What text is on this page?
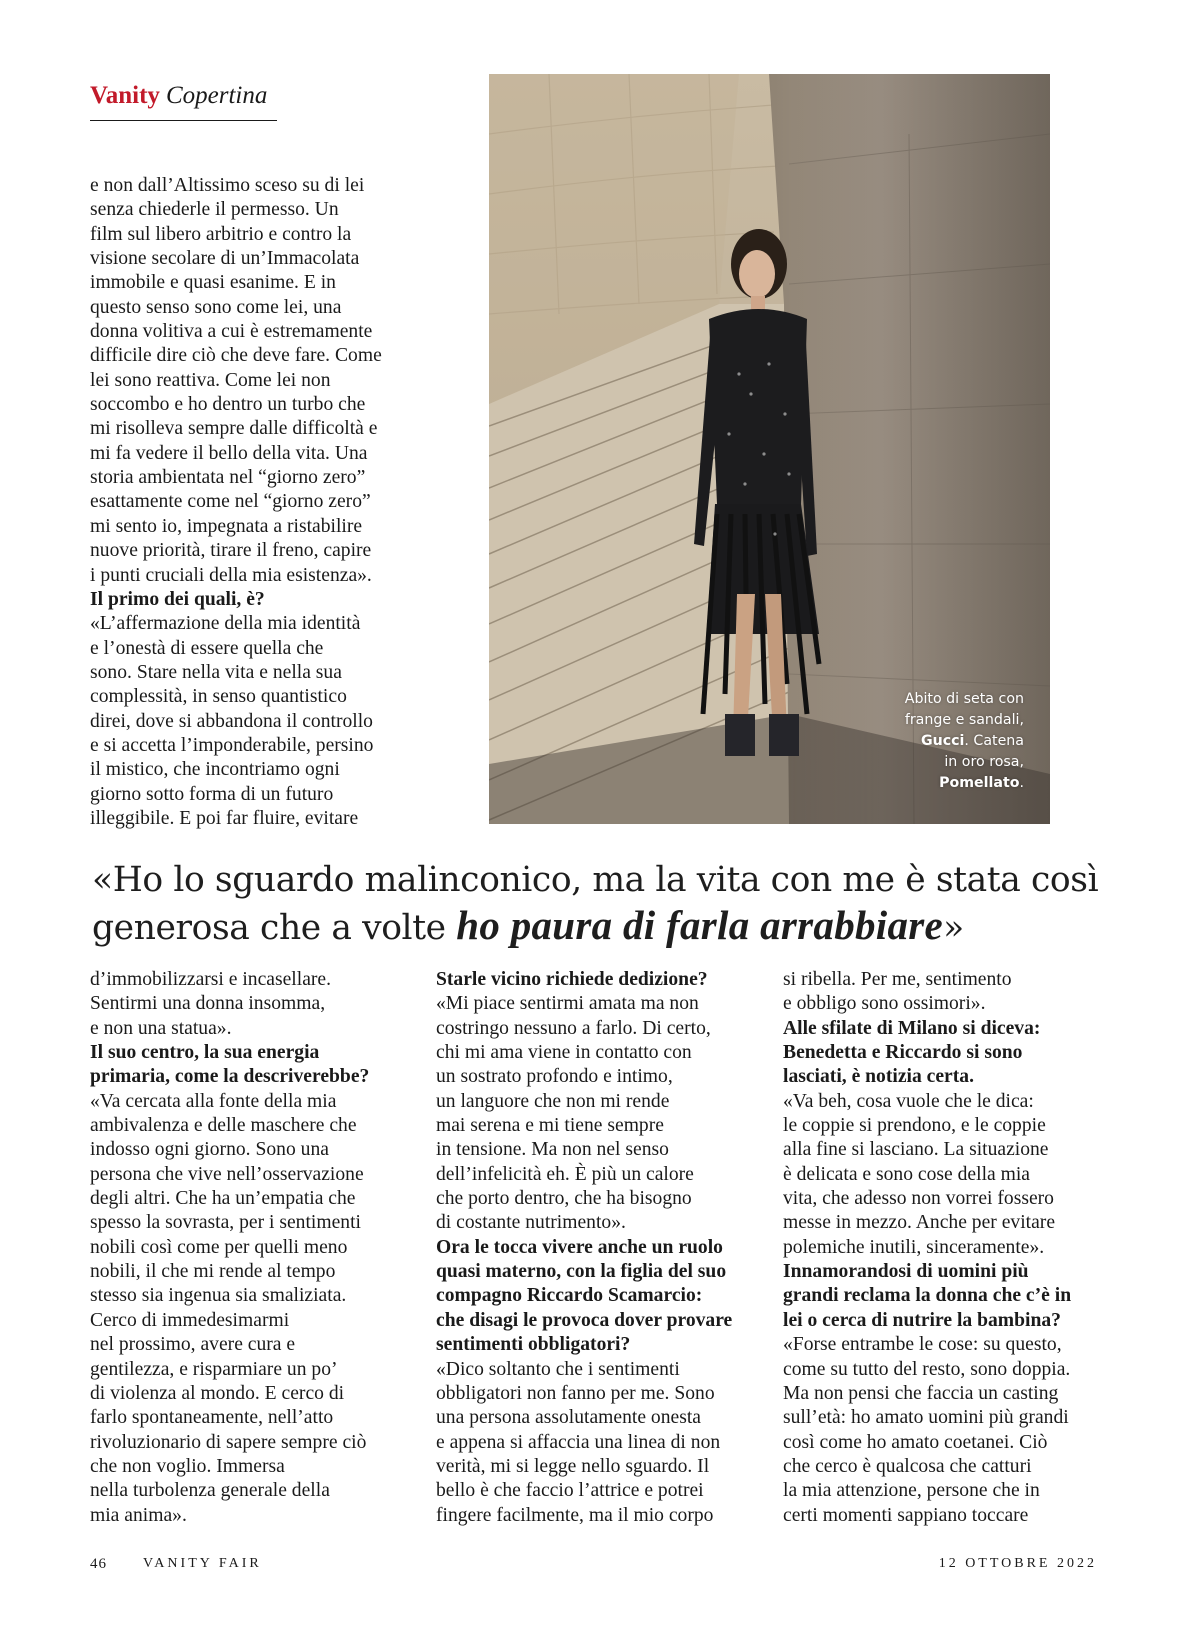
Vanity Copertina
e non dall’Altissimo sceso su di lei
senza chiederle il permesso. Un
film sul libero arbitrio e contro la
visione secolare di un’Immacolata
immobile e quasi esanime. E in
questo senso sono come lei, una
donna volitiva a cui è estremamente
difficile dire ciò che deve fare. Come
lei sono reattiva. Come lei non
soccombo e ho dentro un turbo che
mi risolleva sempre dalle difficoltà e
mi fa vedere il bello della vita. Una
storia ambientata nel “giorno zero”
esattamente come nel “giorno zero”
mi sento io, impegnata a ristabilire
nuove priorità, tirare il freno, capire
i punti cruciali della mia esistenza».
Il primo dei quali, è?
«L’affermazione della mia identità
e l’onestà di essere quella che
sono. Stare nella vita e nella sua
complessità, in senso quantistico
direi, dove si abbandona il controllo
e si accetta l’imponderabile, persino
il mistico, che incontriamo ogni
giorno sotto forma di un futuro
illeggibile. E poi far fluire, evitare
Abito di seta con
frange e sandali,
Gucci. Catena
in oro rosa,
Pomellato.
«Ho lo sguardo malinconico, ma la vita con me è stata così
generosa che a volte ho paura di farla arrabbiare»
d’immobilizzarsi e incasellare.
Sentirmi una donna insomma,
e non una statua».
Il suo centro, la sua energia
primaria, come la descriverebbe?
«Va cercata alla fonte della mia
ambivalenza e delle maschere che
indosso ogni giorno. Sono una
persona che vive nell’osservazione
degli altri. Che ha un’empatia che
spesso la sovrasta, per i sentimenti
nobili così come per quelli meno
nobili, il che mi rende al tempo
stesso sia ingenua sia smaliziata.
Cerco di immedesimarmi
nel prossimo, avere cura e
gentilezza, e risparmiare un po’
di violenza al mondo. E cerco di
farlo spontaneamente, nell’atto
rivoluzionario di sapere sempre ciò
che non voglio. Immersa
nella turbolenza generale della
mia anima».
Starle vicino richiede dedizione?
«Mi piace sentirmi amata ma non
costringo nessuno a farlo. Di certo,
chi mi ama viene in contatto con
un sostrato profondo e intimo,
un languore che non mi rende
mai serena e mi tiene sempre
in tensione. Ma non nel senso
dell’infelicità eh. È più un calore
che porto dentro, che ha bisogno
di costante nutrimento».
Ora le tocca vivere anche un ruolo
quasi materno, con la figlia del suo
compagno Riccardo Scamarcio:
che disagi le provoca dover provare
sentimenti obbligatori?
«Dico soltanto che i sentimenti
obbligatori non fanno per me. Sono
una persona assolutamente onesta
e appena si affaccia una linea di non
verità, mi si legge nello sguardo. Il
bello è che faccio l’attrice e potrei
fingere facilmente, ma il mio corpo
si ribella. Per me, sentimento
e obbligo sono ossimori».
Alle sfilate di Milano si diceva:
Benedetta e Riccardo si sono
lasciati, è notizia certa.
«Va beh, cosa vuole che le dica:
le coppie si prendono, e le coppie
alla fine si lasciano. La situazione
è delicata e sono cose della mia
vita, che adesso non vorrei fossero
messe in mezzo. Anche per evitare
polemiche inutili, sinceramente».
Innamorandosi di uomini più
grandi reclama la donna che c’è in
lei o cerca di nutrire la bambina?
«Forse entrambe le cose: su questo,
come su tutto del resto, sono doppia.
Ma non pensi che faccia un casting
sull’età: ho amato uomini più grandi
così come ho amato coetanei. Ciò
che cerco è qualcosa che catturi
la mia attenzione, persone che in
certi momenti sappiano toccare
46	VANITY FAIR	12 OTTOBRE 2022
